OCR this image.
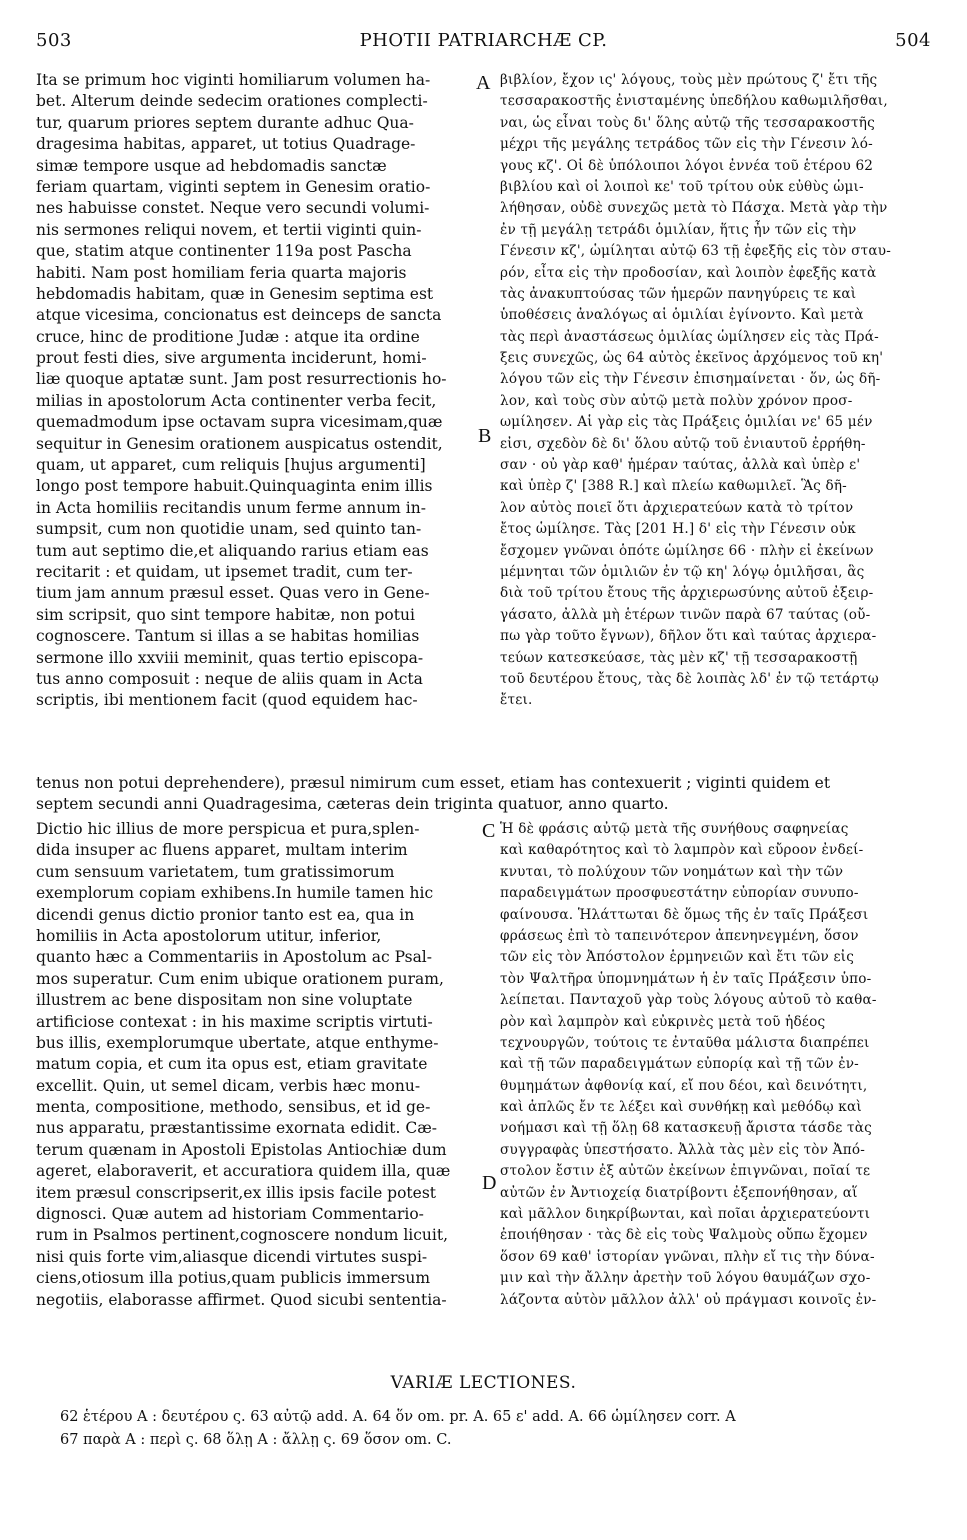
503	PHOTII PATRIARCHÆ CP.	504
Ita se primum hoc viginti homiliarum volumen ha-
bet. Alterum deinde sedecim orationes complecti-
tur, quarum priores septem durante adhuc Qua-
dragesima habitas, apparet, ut totius Quadrage-
simæ tempore usque ad hebdomadis sanctæ
feriam quartam, viginti septem in Genesim oratio-
nes habuisse constet. Neque vero secundi volumi-
nis sermones reliqui novem, et tertii viginti quin-
que, statim atque continenter 119a post Pascha
habiti. Nam post homiliam feria quarta majoris
hebdomadis habitam, quæ in Genesim septima est
atque vicesima, concionatus est deinceps de sancta
cruce, hinc de proditione Judæ : atque ita ordine
prout festi dies, sive argumenta inciderunt, homi-
liæ quoque aptatæ sunt. Jam post resurrectionis ho-
milias in apostolorum Acta continenter verba fecit,
quemadmodum ipse octavam supra vicesimam,quæ
sequitur in Genesim orationem auspicatus ostendit,
quam, ut apparet, cum reliquis [hujus argumenti]
longo post tempore habuit.Quinquaginta enim illis
in Acta homiliis recitandis unum ferme annum in-
sumpsit, cum non quotidie unam, sed quinto tan-
tum aut septimo die,et aliquando rarius etiam eas
recitarit : et quidam, ut ipsemet tradit, cum ter-
tium jam annum præsul esset. Quas vero in Gene-
sim scripsit, quo sint tempore habitæ, non potui
cognoscere. Tantum si illas a se habitas homilias
sermone illo xxviii meminit, quas tertio episcopa-
tus anno composuit : neque de aliis quam in Acta
scriptis, ibi mentionem facit (quod equidem hac-
βιβλίον, ἔχον ις' λόγους, τοὺς μὲν πρώτους ζ' ἔτι τῆς
τεσσαρακοστῆς ἐνισταμένης ὑπεδήλου καθωμιλῆσθαι,
ναι, ὡς εἶναι τοὺς δι' ὅλης αὐτῷ τῆς τεσσαρακοστῆς
μέχρι τῆς μεγάλης τετράδος τῶν εἰς τὴν Γένεσιν λό-
γους κζ'. Οἱ δὲ ὑπόλοιποι λόγοι ἐννέα τοῦ ἑτέρου 62
βιβλίου καὶ οἱ λοιποὶ κε' τοῦ τρίτου οὐκ εὐθὺς ὡμι-
λήθησαν, οὐδὲ συνεχῶς μετὰ τὸ Πάσχα. Μετὰ γὰρ τὴν
ἐν τῇ μεγάλῃ τετράδι ὁμιλίαν, ἥτις ἦν τῶν εἰς τὴν
Γένεσιν κζ', ὡμίληται αὐτῷ 63 τῇ ἐφεξῆς εἰς τὸν σταυ-
ρόν, εἶτα εἰς τὴν προδοσίαν, καὶ λοιπὸν ἐφεξῆς κατὰ
τὰς ἀνακυπτούσας τῶν ἡμερῶν πανηγύρεις τε καὶ
ὑποθέσεις ἀναλόγως αἱ ὁμιλίαι ἐγίνοντο. Καὶ μετὰ
τὰς περὶ ἀναστάσεως ὁμιλίας ὡμίλησεν εἰς τὰς Πρά-
ξεις συνεχῶς, ὡς 64 αὐτὸς ἐκεῖνος ἀρχόμενος τοῦ κη'
λόγου τῶν εἰς τὴν Γένεσιν ἐπισημαίνεται · ὅν, ὡς δῆ-
λον, καὶ τοὺς σὺν αὐτῷ μετὰ πολὺν χρόνον προσ-
ωμίλησεν. Αἱ γὰρ εἰς τὰς Πράξεις ὁμιλίαι νε' 65 μέν
εἰσι, σχεδὸν δὲ δι' ὅλου αὐτῷ τοῦ ἐνιαυτοῦ ἐρρήθη-
σαν · οὐ γὰρ καθ' ἡμέραν ταύτας, ἀλλὰ καὶ ὑπὲρ ε'
καὶ ὑπὲρ ζ' [388 R.] καὶ πλείω καθωμιλεῖ. Ἃς δῆ-
λον αὐτὸς ποιεῖ ὅτι ἀρχιερατεύων κατὰ τὸ τρίτον
ἔτος ὡμίλησε. Τὰς [201 H.] δ' εἰς τὴν Γένεσιν οὐκ
ἔσχομεν γνῶναι ὁπότε ὡμίλησε 66 · πλὴν εἰ ἐκείνων
μέμνηται τῶν ὁμιλιῶν ἐν τῷ κη' λόγῳ ὁμιλῆσαι, ἃς
διὰ τοῦ τρίτου ἔτους τῆς ἀρχιερωσύνης αὐτοῦ ἐξειρ-
γάσατο, ἀλλὰ μὴ ἑτέρων τινῶν παρὰ 67 ταύτας (οὔ-
πω γὰρ τοῦτο ἔγνων), δῆλον ὅτι καὶ ταύτας ἀρχιερα-
τεύων κατεσκεύασε, τὰς μὲν κζ' τῇ τεσσαρακοστῇ
τοῦ δευτέρου ἔτους, τὰς δὲ λοιπὰς λδ' ἐν τῷ τετάρτῳ
ἔτει.
tenus non potui deprehendere), præsul nimirum cum esset, etiam has contexuerit ; viginti quidem et
septem secundi anni Quadragesima, cæteras dein triginta quatuor, anno quarto.
Dictio hic illius de more perspicua et pura,splen-
dida insuper ac fluens apparet, multam interim
cum sensuum varietatem, tum gratissimorum
exemplorum copiam exhibens.In humile tamen hic
dicendi genus dictio pronior tanto est ea, qua in
homiliis in Acta apostolorum utitur, inferior,
quanto hæc a Commentariis in Apostolum ac Psal-
mos superatur. Cum enim ubique orationem puram,
illustrem ac bene dispositam non sine voluptate
artificiose contexat : in his maxime scriptis virtuti-
bus illis, exemplorumque ubertate, atque enthyme-
matum copia, et cum ita opus est, etiam gravitate
excellit. Quin, ut semel dicam, verbis hæc monu-
menta, compositione, methodo, sensibus, et id ge-
nus apparatu, præstantissime exornata edidit. Cæ-
terum quænam in Apostoli Epistolas Antiochiæ dum
ageret, elaboraverit, et accuratiora quidem illa, quæ
item præsul conscripserit,ex illis ipsis facile potest
dignosci. Quæ autem ad historiam Commentario-
rum in Psalmos pertinent,cognoscere nondum licuit,
nisi quis forte vim,aliasque dicendi virtutes suspi-
ciens,otiosum illa potius,quam publicis immersum
negotiis, elaborasse affirmet. Quod sicubi sententia-
Ἡ δὲ φράσις αὐτῷ μετὰ τῆς συνήθους σαφηνείας
καὶ καθαρότητος καὶ τὸ λαμπρὸν καὶ εὔροον ἐνδεί-
κνυται, τὸ πολύχουν τῶν νοημάτων καὶ τὴν τῶν
παραδειγμάτων προσφυεστάτην εὐπορίαν συνυπο-
φαίνουσα. Ἡλάττωται δὲ ὅμως τῆς ἐν ταῖς Πράξεσι
φράσεως ἐπὶ τὸ ταπεινότερον ἀπενηνεγμένη, ὅσον
τῶν εἰς τὸν Ἀπόστολον ἑρμηνειῶν καὶ ἔτι τῶν εἰς
τὸν Ψαλτῆρα ὑπομνημάτων ἡ ἐν ταῖς Πράξεσιν ὑπο-
λείπεται. Πανταχοῦ γὰρ τοὺς λόγους αὐτοῦ τὸ καθα-
ρὸν καὶ λαμπρὸν καὶ εὐκρινὲς μετὰ τοῦ ἡδέος
τεχνουργῶν, τούτοις τε ἐνταῦθα μάλιστα διαπρέπει
καὶ τῇ τῶν παραδειγμάτων εὐπορίᾳ καὶ τῇ τῶν ἐν-
θυμημάτων ἀφθονίᾳ καί, εἴ που δέοι, καὶ δεινότητι,
καὶ ἁπλῶς ἔν τε λέξει καὶ συνθήκῃ καὶ μεθόδῳ καὶ
νοήμασι καὶ τῇ ὅλῃ 68 κατασκευῇ ἄριστα τάσδε τὰς
συγγραφὰς ὑπεστήσατο. Ἀλλὰ τὰς μὲν εἰς τὸν Ἀπό-
στολον ἔστιν ἐξ αὐτῶν ἐκείνων ἐπιγνῶναι, ποῖαί τε
αὐτῶν ἐν Ἀντιοχείᾳ διατρίβοντι ἐξεπονήθησαν, αἵ
καὶ μᾶλλον διηκρίβωνται, καὶ ποῖαι ἀρχιερατεύοντι
ἐποιήθησαν · τὰς δὲ εἰς τοὺς Ψαλμοὺς οὔπω ἔχομεν
ὅσον 69 καθ' ἱστορίαν γνῶναι, πλὴν εἴ τις τὴν δύνα-
μιν καὶ τὴν ἄλλην ἀρετὴν τοῦ λόγου θαυμάζων σχο-
λάζοντα αὐτὸν μᾶλλον ἀλλ' οὐ πράγμασι κοινοῖς ἐν-
A
B
C
D
VARIÆ LECTIONES.
62 ἑτέρου A : δευτέρου ς. 63 αὐτῷ add. A. 64 ὅν om. pr. A. 65 ε' add. A. 66 ὡμίλησεν corr. A
67 παρὰ A : περὶ ς. 68 ὅλῃ A : ἄλλῃ ς. 69 ὅσον om. C.
